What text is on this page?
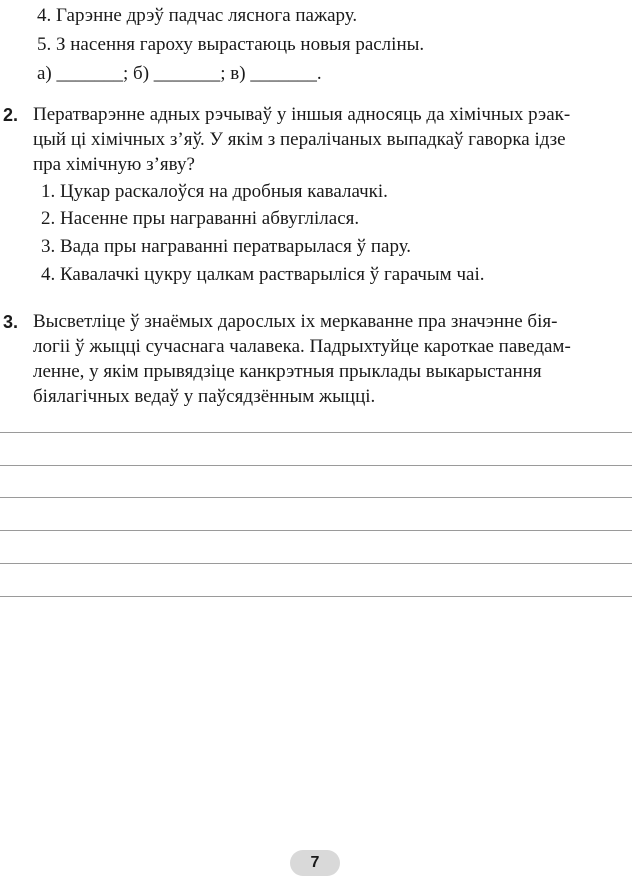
4. Гарэнне дрэў падчас ляснога пажару.
5. З насення гароху вырастаюць новыя расліны.
а) _______; б) _______; в) _______.
2. Ператварэнне адных рэчываў у іншыя адносяць да хімічных рэак-
цый ці хімічных з’яў. У якім з пералічаных выпадкаў гаворка ідзе
пра хімічную з’яву?
1. Цукар раскалоўся на дробныя кавалачкі.
2. Насенне пры награванні абвуглілася.
3. Вада пры награванні ператварылася ў пару.
4. Кавалачкі цукру цалкам растварыліся ў гарачым чаі.
3. Высветліце ў знаёмых дарослых іх меркаванне пра значэнне бія-
логіі ў жыцці сучаснага чалавека. Падрыхтуйце кароткае паведам-
ленне, у якім прывядзіце канкрэтныя прыклады выкарыстання
біялагічных ведаў у паўсядзённым жыцці.
7
